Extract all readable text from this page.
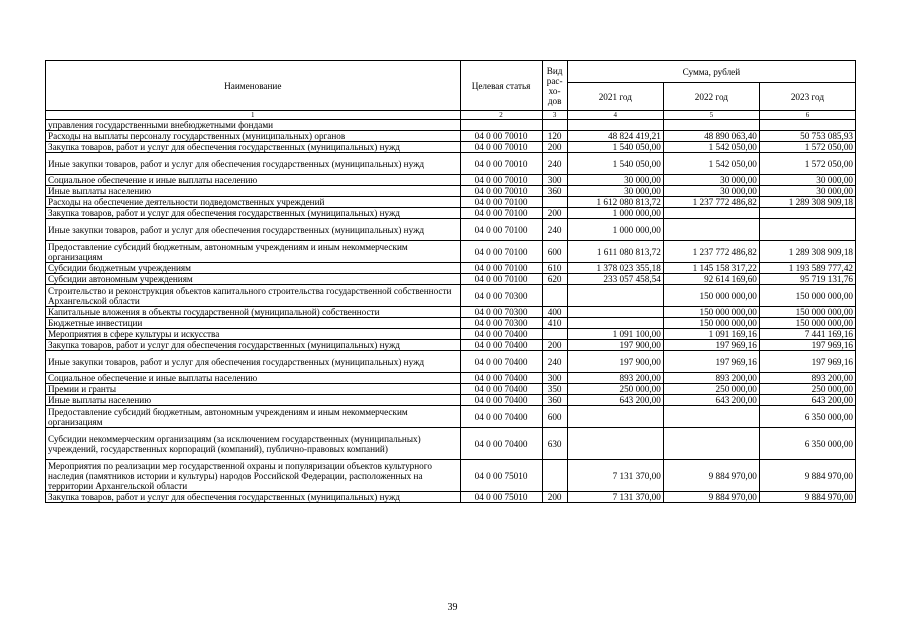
Наименование	Целевая статья	Вид рас-хо-дов	Сумма, рублей		
			2021 год	2022 год	2023 год
1	2	3	4	5	6
управления государственными внебюджетными фондами					
Расходы на выплаты персоналу государственных (муниципальных) органов	04 0 00 70010	120	48 824 419,21	48 890 063,40	50 753 085,93
Закупка товаров, работ и услуг для обеспечения государственных (муниципальных) нужд	04 0 00 70010	200	1 540 050,00	1 542 050,00	1 572 050,00
Иные закупки товаров, работ и услуг для обеспечения государственных (муниципальных) нужд	04 0 00 70010	240	1 540 050,00	1 542 050,00	1 572 050,00
Социальное обеспечение и иные выплаты населению	04 0 00 70010	300	30 000,00	30 000,00	30 000,00
Иные выплаты населению	04 0 00 70010	360	30 000,00	30 000,00	30 000,00
Расходы на обеспечение деятельности подведомственных учреждений	04 0 00 70100		1 612 080 813,72	1 237 772 486,82	1 289 308 909,18
Закупка товаров, работ и услуг для обеспечения государственных (муниципальных) нужд	04 0 00 70100	200	1 000 000,00		
Иные закупки товаров, работ и услуг для обеспечения государственных (муниципальных) нужд	04 0 00 70100	240	1 000 000,00		
Предоставление субсидий бюджетным, автономным учреждениям и иным некоммерческим организациям	04 0 00 70100	600	1 611 080 813,72	1 237 772 486,82	1 289 308 909,18
Субсидии бюджетным учреждениям	04 0 00 70100	610	1 378 023 355,18	1 145 158 317,22	1 193 589 777,42
Субсидии автономным учреждениям	04 0 00 70100	620	233 057 458,54	92 614 169,60	95 719 131,76
Строительство и реконструкция объектов капитального строительства государственной собственности Архангельской области	04 0 00 70300			150 000 000,00	150 000 000,00
Капитальные вложения в объекты государственной (муниципальной) собственности	04 0 00 70300	400		150 000 000,00	150 000 000,00
Бюджетные инвестиции	04 0 00 70300	410		150 000 000,00	150 000 000,00
Мероприятия в сфере культуры и искусства	04 0 00 70400		1 091 100,00	1 091 169,16	7 441 169,16
Закупка товаров, работ и услуг для обеспечения государственных (муниципальных) нужд	04 0 00 70400	200	197 900,00	197 969,16	197 969,16
Иные закупки товаров, работ и услуг для обеспечения государственных (муниципальных) нужд	04 0 00 70400	240	197 900,00	197 969,16	197 969,16
Социальное обеспечение и иные выплаты населению	04 0 00 70400	300	893 200,00	893 200,00	893 200,00
Премии и гранты	04 0 00 70400	350	250 000,00	250 000,00	250 000,00
Иные выплаты населению	04 0 00 70400	360	643 200,00	643 200,00	643 200,00
Предоставление субсидий бюджетным, автономным учреждениям и иным некоммерческим организациям	04 0 00 70400	600			6 350 000,00
Субсидии некоммерческим организациям (за исключением государственных (муниципальных) учреждений, государственных корпораций (компаний), публично-правовых компаний)	04 0 00 70400	630			6 350 000,00
Мероприятия по реализации мер государственной охраны и популяризации объектов культурного наследия (памятников истории и культуры) народов Российской Федерации, расположенных на территории Архангельской области	04 0 00 75010		7 131 370,00	9 884 970,00	9 884 970,00
Закупка товаров, работ и услуг для обеспечения государственных (муниципальных) нужд	04 0 00 75010	200	7 131 370,00	9 884 970,00	9 884 970,00
39
